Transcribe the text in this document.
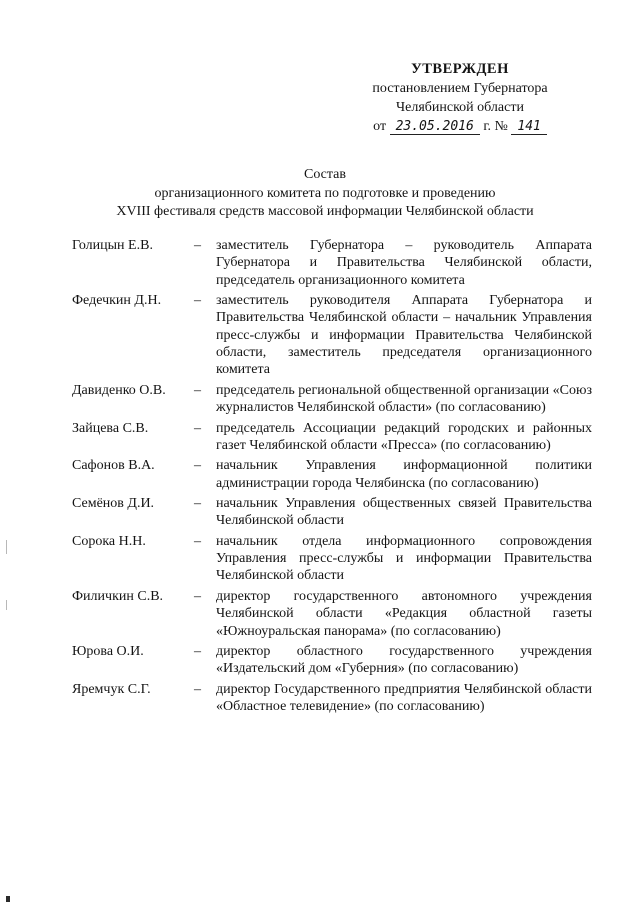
УТВЕРЖДЕН
постановлением Губернатора
Челябинской области
от 23.05.2016 г. № 141
Состав
организационного комитета по подготовке и проведению
XVIII фестиваля средств массовой информации Челябинской области
Голицын Е.В.	–	заместитель Губернатора – руководитель Аппарата Губернатора и Правительства Челябинской области, председатель организационного комитета
Федечкин Д.Н.	–	заместитель руководителя Аппарата Губернатора и Правительства Челябинской области – начальник Управления пресс-службы и информации Правительства Челябинской области, заместитель председателя организационного комитета
Давиденко О.В.	–	председатель региональной общественной организации «Союз журналистов Челябинской области» (по согласованию)
Зайцева С.В.	–	председатель Ассоциации редакций городских и районных газет Челябинской области «Пресса» (по согласованию)
Сафонов В.А.	–	начальник Управления информационной политики администрации города Челябинска (по согласованию)
Семёнов Д.И.	–	начальник Управления общественных связей Правительства Челябинской области
Сорока Н.Н.	–	начальник отдела информационного сопровождения Управления пресс-службы и информации Правительства Челябинской области
Филичкин С.В.	–	директор государственного автономного учреждения Челябинской области «Редакция областной газеты «Южноуральская панорама» (по согласованию)
Юрова О.И.	–	директор областного государственного учреждения «Издательский дом «Губерния» (по согласованию)
Яремчук С.Г.	–	директор Государственного предприятия Челябинской области «Областное телевидение» (по согласованию)
